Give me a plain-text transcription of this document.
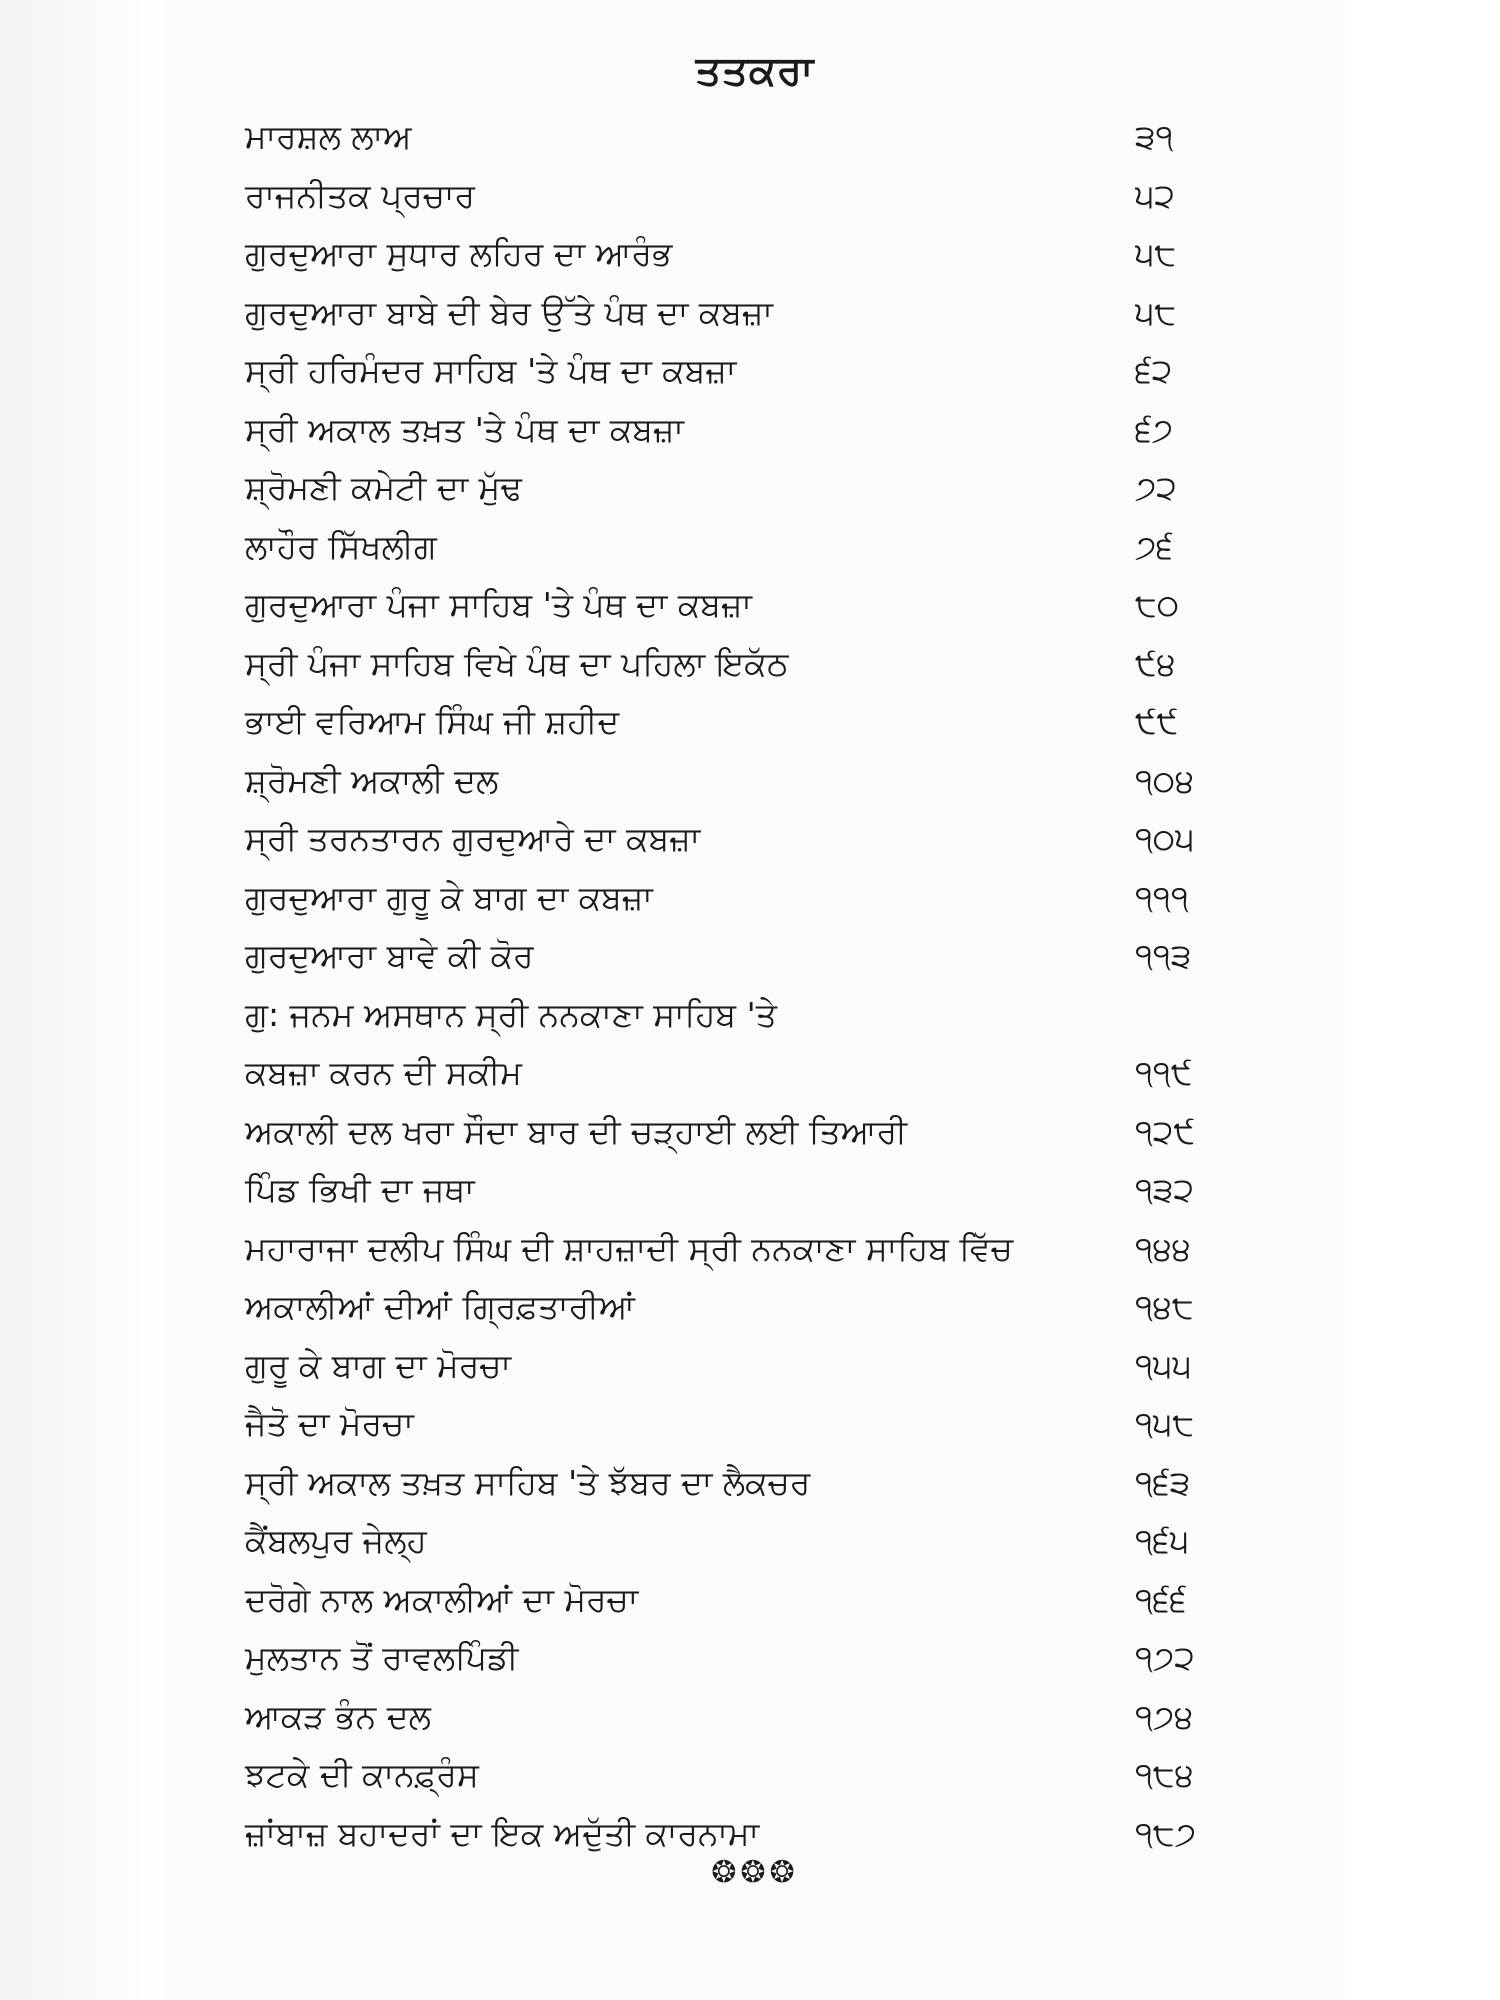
ਤਤਕਰਾ
ਮਾਰਸ਼ਲ ਲਾਅ	੩੧
ਰਾਜਨੀਤਕ ਪ੍ਰਚਾਰ	੫੨
ਗੁਰਦੁਆਰਾ ਸੁਧਾਰ ਲਹਿਰ ਦਾ ਆਰੰਭ	੫੮
ਗੁਰਦੁਆਰਾ ਬਾਬੇ ਦੀ ਬੇਰ ਉੱਤੇ ਪੰਥ ਦਾ ਕਬਜ਼ਾ	੫੮
ਸ੍ਰੀ ਹਰਿਮੰਦਰ ਸਾਹਿਬ 'ਤੇ ਪੰਥ ਦਾ ਕਬਜ਼ਾ	੬੨
ਸ੍ਰੀ ਅਕਾਲ ਤਖ਼ਤ 'ਤੇ ਪੰਥ ਦਾ ਕਬਜ਼ਾ	੬੭
ਸ਼੍ਰੋਮਣੀ ਕਮੇਟੀ ਦਾ ਮੁੱਢ	੭੨
ਲਾਹੌਰ ਸਿੱਖਲੀਗ	੭੬
ਗੁਰਦੁਆਰਾ ਪੰਜਾ ਸਾਹਿਬ 'ਤੇ ਪੰਥ ਦਾ ਕਬਜ਼ਾ	੮੦
ਸ੍ਰੀ ਪੰਜਾ ਸਾਹਿਬ ਵਿਖੇ ਪੰਥ ਦਾ ਪਹਿਲਾ ਇਕੱਠ	੯੪
ਭਾਈ ਵਰਿਆਮ ਸਿੰਘ ਜੀ ਸ਼ਹੀਦ	੯੯
ਸ਼੍ਰੋਮਣੀ ਅਕਾਲੀ ਦਲ	੧੦੪
ਸ੍ਰੀ ਤਰਨਤਾਰਨ ਗੁਰਦੁਆਰੇ ਦਾ ਕਬਜ਼ਾ	੧੦੫
ਗੁਰਦੁਆਰਾ ਗੁਰੂ ਕੇ ਬਾਗ ਦਾ ਕਬਜ਼ਾ	੧੧੧
ਗੁਰਦੁਆਰਾ ਬਾਵੇ ਕੀ ਕੋਰ	੧੧੩
ਗੁ: ਜਨਮ ਅਸਥਾਨ ਸ੍ਰੀ ਨਨਕਾਣਾ ਸਾਹਿਬ 'ਤੇ
ਕਬਜ਼ਾ ਕਰਨ ਦੀ ਸਕੀਮ	੧੧੯
ਅਕਾਲੀ ਦਲ ਖਰਾ ਸੌਦਾ ਬਾਰ ਦੀ ਚੜ੍ਹਾਈ ਲਈ ਤਿਆਰੀ	੧੨੯
ਪਿੰਡ ਭਿਖੀ ਦਾ ਜਥਾ	੧੩੨
ਮਹਾਰਾਜਾ ਦਲੀਪ ਸਿੰਘ ਦੀ ਸ਼ਾਹਜ਼ਾਦੀ ਸ੍ਰੀ ਨਨਕਾਣਾ ਸਾਹਿਬ ਵਿੱਚ	੧੪੪
ਅਕਾਲੀਆਂ ਦੀਆਂ ਗ੍ਰਿਫ਼ਤਾਰੀਆਂ	੧੪੮
ਗੁਰੂ ਕੇ ਬਾਗ ਦਾ ਮੋਰਚਾ	੧੫੫
ਜੈਤੋ ਦਾ ਮੋਰਚਾ	੧੫੮
ਸ੍ਰੀ ਅਕਾਲ ਤਖ਼ਤ ਸਾਹਿਬ 'ਤੇ ਝੱਬਰ ਦਾ ਲੈਕਚਰ	੧੬੩
ਕੈਂਬਲਪੁਰ ਜੇਲ੍ਹ	੧੬੫
ਦਰੋਗੇ ਨਾਲ ਅਕਾਲੀਆਂ ਦਾ ਮੋਰਚਾ	੧੬੬
ਮੁਲਤਾਨ ਤੋਂ ਰਾਵਲਪਿੰਡੀ	੧੭੨
ਆਕੜ ਭੰਨ ਦਲ	੧੭੪
ਝਟਕੇ ਦੀ ਕਾਨਫ਼੍ਰੰਸ	੧੮੪
ਜ਼ਾਂਬਾਜ਼ ਬਹਾਦਰਾਂ ਦਾ ਇਕ ਅਦੁੱਤੀ ਕਾਰਨਾਮਾ	੧੮੭
❂❂❂
